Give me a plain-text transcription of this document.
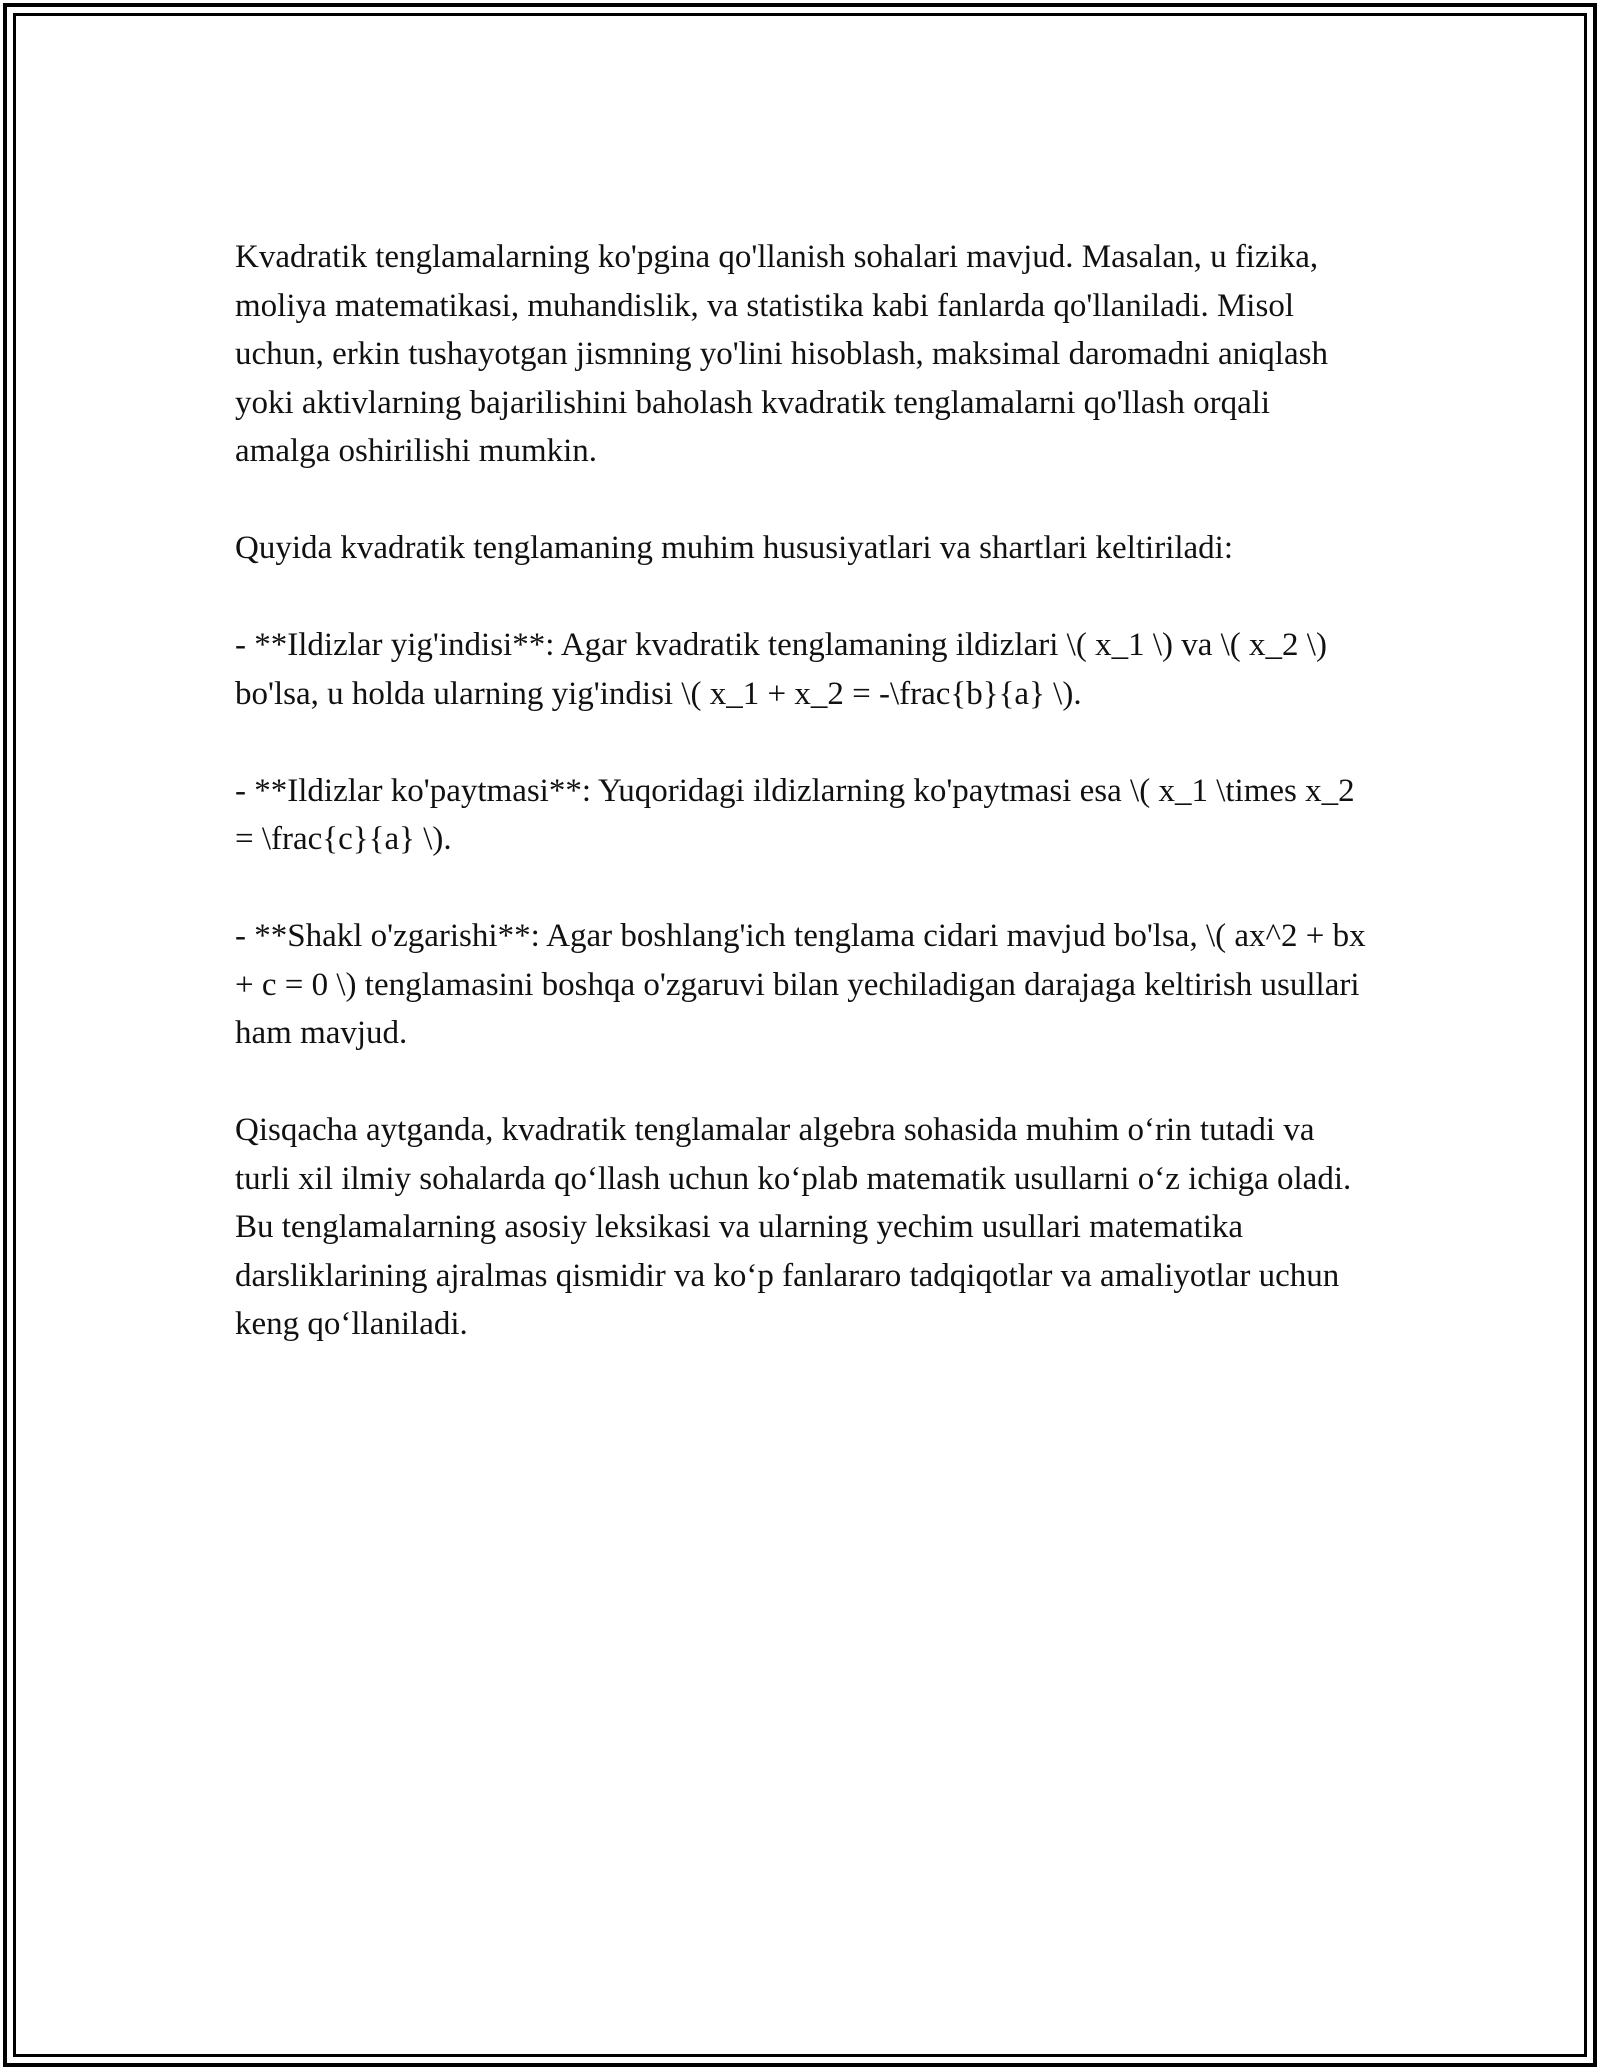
Kvadratik tenglamalarning ko'pgina qo'llanish sohalari mavjud. Masalan, u fizika, moliya matematikasi, muhandislik, va statistika kabi fanlarda qo'llaniladi. Misol uchun, erkin tushayotgan jismning yo'lini hisoblash, maksimal daromadni aniqlash yoki aktivlarning bajarilishini baholash kvadratik tenglamalarni qo'llash orqali amalga oshirilishi mumkin.

Quyida kvadratik tenglamaning muhim hususiyatlari va shartlari keltiriladi:

- **Ildizlar yig'indisi**: Agar kvadratik tenglamaning ildizlari \( x_1 \) va \( x_2 \) bo'lsa, u holda ularning yig'indisi \( x_1 + x_2 = -\frac{b}{a} \).

- **Ildizlar ko'paytmasi**: Yuqoridagi ildizlarning ko'paytmasi esa \( x_1 \times x_2 = \frac{c}{a} \).

- **Shakl o'zgarishi**: Agar boshlang'ich tenglama cidari mavjud bo'lsa, \( ax^2 + bx + c = 0 \) tenglamasini boshqa o'zgaruvi bilan yechiladigan darajaga keltirish usullari ham mavjud.

Qisqacha aytganda, kvadratik tenglamalar algebra sohasida muhim o‘rin tutadi va turli xil ilmiy sohalarda qo‘llash uchun ko‘plab matematik usullarni o‘z ichiga oladi. Bu tenglamalarning asosiy leksikasi va ularning yechim usullari matematika darsliklarining ajralmas qismidir va ko‘p fanlararo tadqiqotlar va amaliyotlar uchun keng qo‘llaniladi.
